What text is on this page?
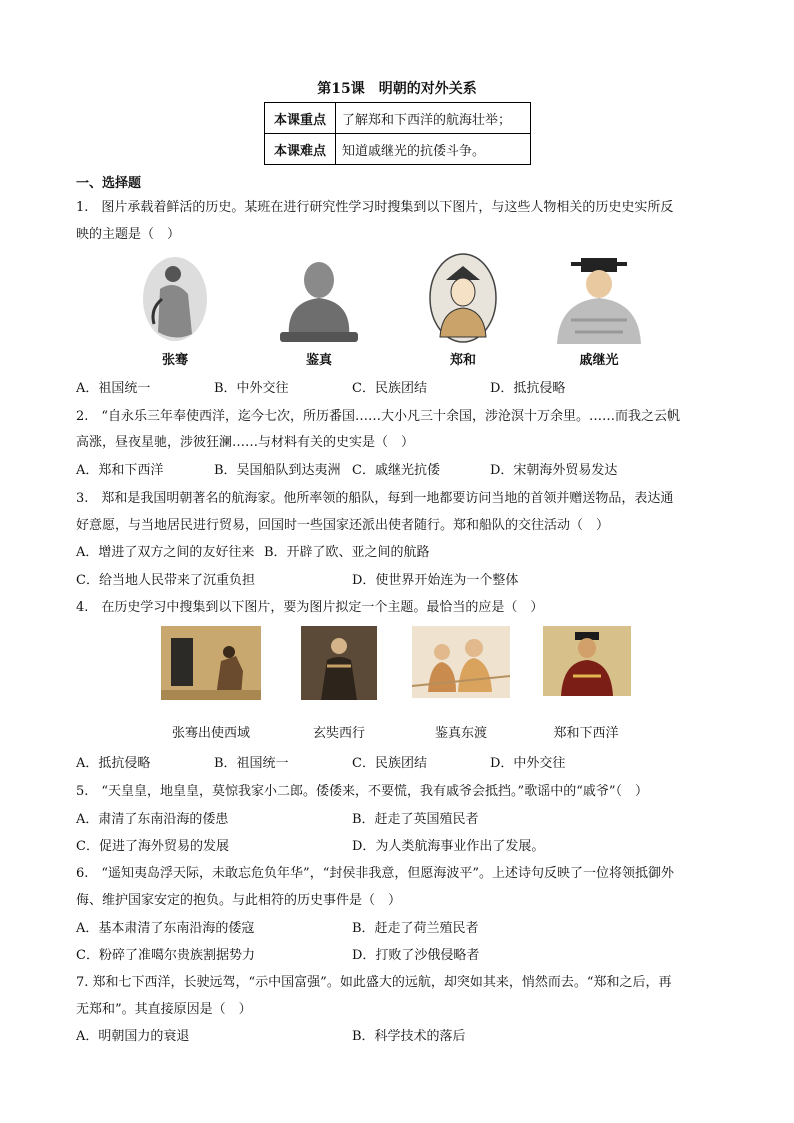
第15课　明朝的对外关系
本课重点	了解郑和下西洋的航海壮举；
本课难点	知道戚继光的抗倭斗争。
一、选择题
1.　图片承载着鲜活的历史。某班在进行研究性学习时搜集到以下图片，与这些人物相关的历史史实所反
映的主题是（　）
张骞	鉴真	郑和	戚继光
A．祖国统一	B．中外交往	C．民族团结	D．抵抗侵略
2.　“自永乐三年奉使西洋，迄今七次，所历番国……大小凡三十余国，涉沧溟十万余里。……而我之云帆
高涨，昼夜星驰，涉彼狂澜……与材料有关的史实是（　）
A．郑和下西洋	B．吴国船队到达夷洲 C．戚继光抗倭	D．宋朝海外贸易发达
3.　郑和是我国明朝著名的航海家。他所率领的船队，每到一地都要访问当地的首领并赠送物品，表达通
好意愿，与当地居民进行贸易，回国时一些国家还派出使者随行。郑和船队的交往活动（　）
A．增进了双方之间的友好往来 B．开辟了欧、亚之间的航路
C．给当地人民带来了沉重负担	D．使世界开始连为一个整体
4.　在历史学习中搜集到以下图片，要为图片拟定一个主题。最恰当的应是（　）
张骞出使西域	玄奘西行	鉴真东渡	郑和下西洋
A．抵抗侵略	B．祖国统一	C．民族团结	D．中外交往
5.　“天皇皇，地皇皇，莫惊我家小二郎。倭倭来，不要慌，我有戚爷会抵挡。”歌谣中的“戚爷”（　）
A．肃清了东南沿海的倭患	B．赶走了英国殖民者
C．促进了海外贸易的发展	D．为人类航海事业作出了发展。
6.　“遥知夷岛浮天际，未敢忘危负年华”，“封侯非我意，但愿海波平”。上述诗句反映了一位将领抵御外
侮、维护国家安定的抱负。与此相符的历史事件是（　）
A．基本肃清了东南沿海的倭寇	B．赶走了荷兰殖民者
C．粉碎了准噶尔贵族割据势力	D．打败了沙俄侵略者
7. 郑和七下西洋，长驶远驾，“示中国富强”。如此盛大的远航，却突如其来，悄然而去。“郑和之后，再
无郑和”。其直接原因是（　）
A．明朝国力的衰退	B．科学技术的落后
